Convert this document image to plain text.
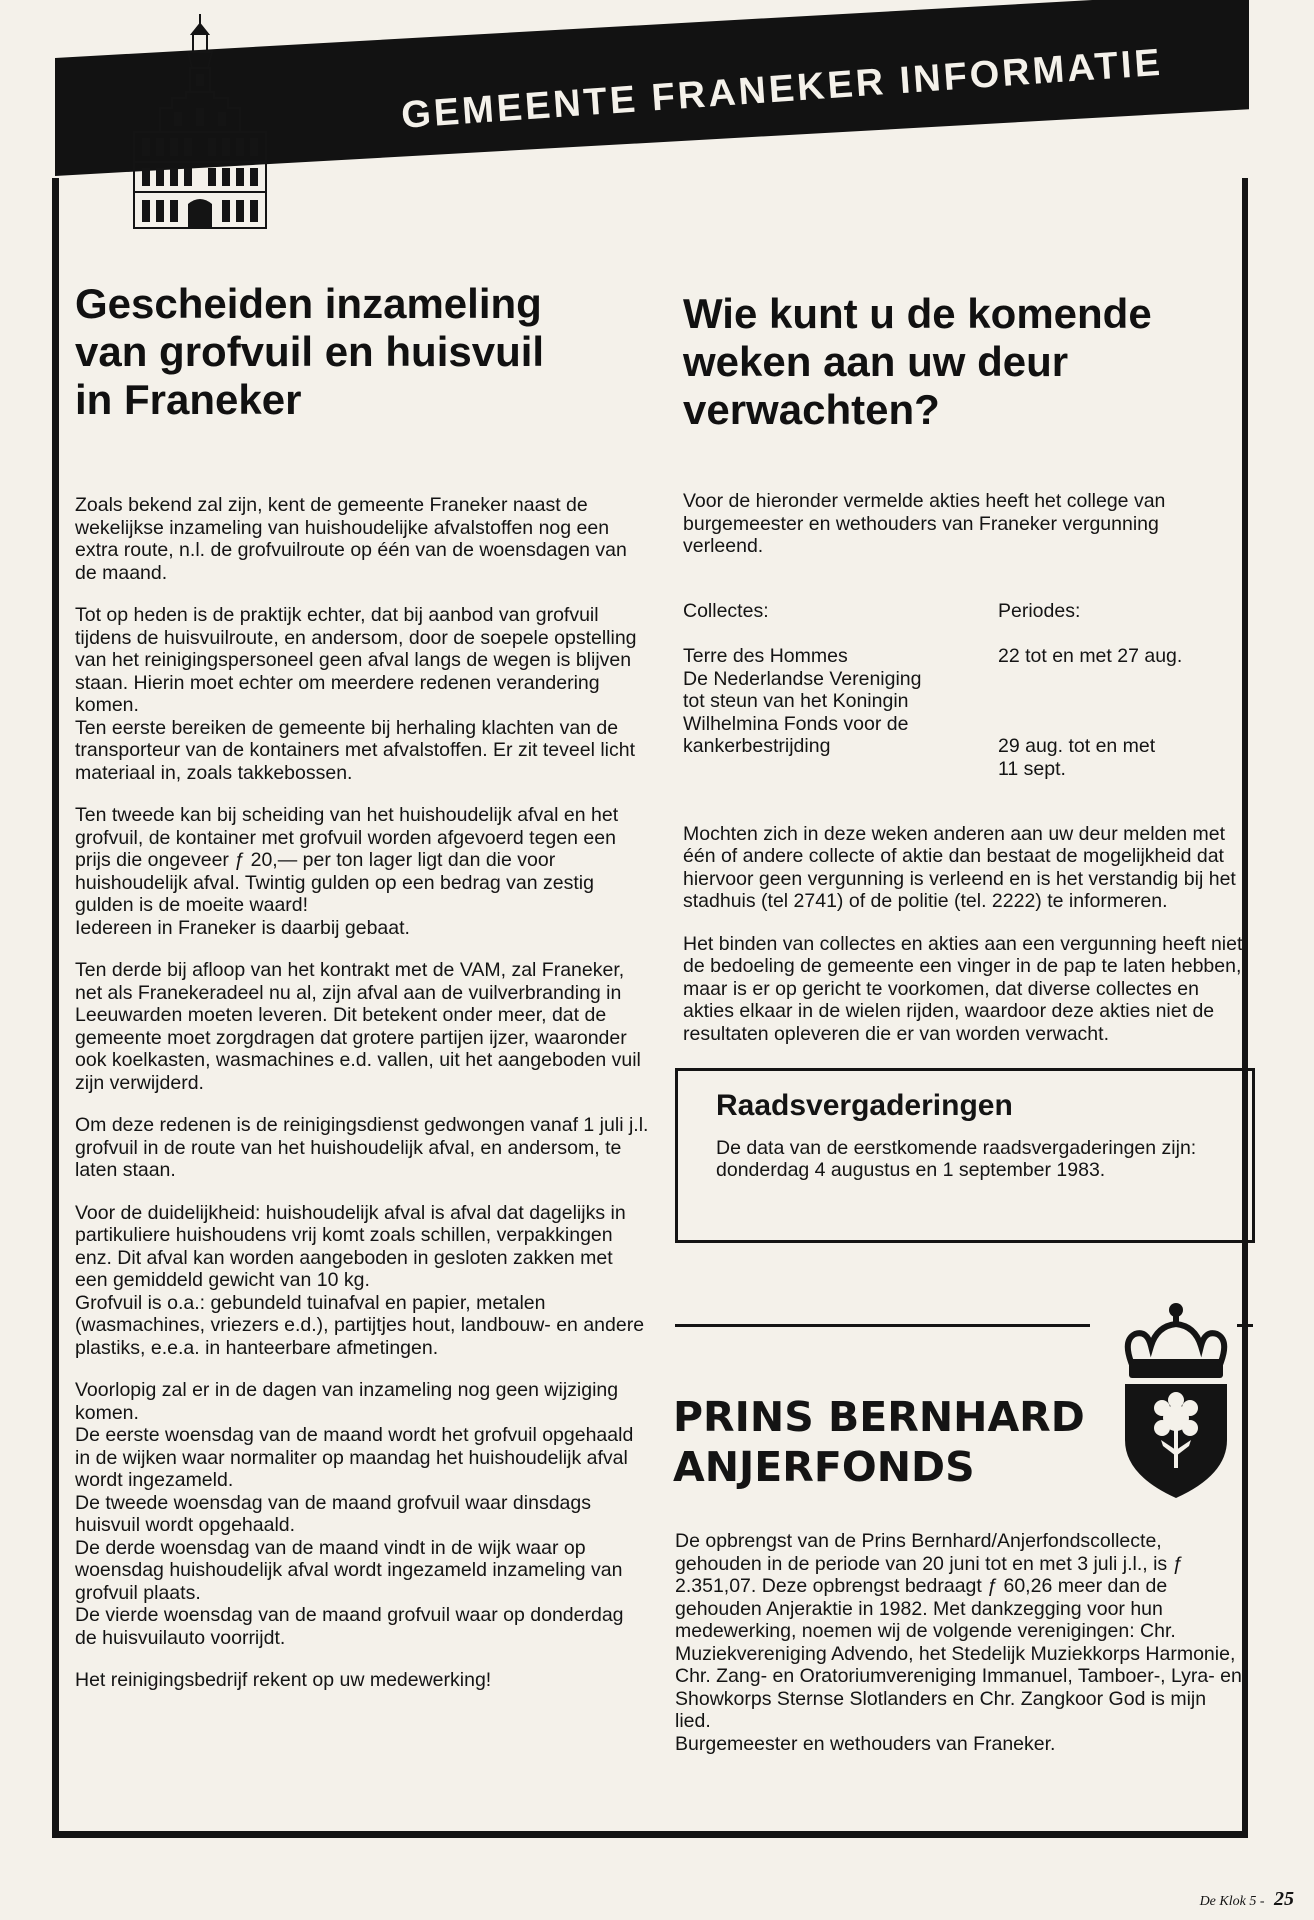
GEMEENTE FRANEKER INFORMATIE
Gescheiden inzameling
van grofvuil en huisvuil
in Franeker

Zoals bekend zal zijn, kent de gemeente Franeker naast de wekelijkse inzameling van huishoudelijke afvalstoffen nog een extra route, n.l. de grofvuilroute op één van de woensdagen van de maand.

Tot op heden is de praktijk echter, dat bij aanbod van grofvuil tijdens de huisvuilroute, en andersom, door de soepele opstelling van het reinigingspersoneel geen afval langs de wegen is blijven staan. Hierin moet echter om meerdere redenen verandering komen.
Ten eerste bereiken de gemeente bij herhaling klachten van de transporteur van de kontainers met afvalstoffen. Er zit teveel licht materiaal in, zoals takkebossen.

Ten tweede kan bij scheiding van het huishoudelijk afval en het grofvuil, de kontainer met grofvuil worden afgevoerd tegen een prijs die ongeveer ƒ 20,— per ton lager ligt dan die voor huishoudelijk afval. Twintig gulden op een bedrag van zestig gulden is de moeite waard!
Iedereen in Franeker is daarbij gebaat.

Ten derde bij afloop van het kontrakt met de VAM, zal Franeker, net als Franekeradeel nu al, zijn afval aan de vuilverbranding in Leeuwarden moeten leveren. Dit betekent onder meer, dat de gemeente moet zorgdragen dat grotere partijen ijzer, waaronder ook koelkasten, wasmachines e.d. vallen, uit het aangeboden vuil zijn verwijderd.

Om deze redenen is de reinigingsdienst gedwongen vanaf 1 juli j.l. grofvuil in de route van het huishoudelijk afval, en andersom, te laten staan.

Voor de duidelijkheid: huishoudelijk afval is afval dat dagelijks in partikuliere huishoudens vrij komt zoals schillen, verpakkingen enz. Dit afval kan worden aangeboden in gesloten zakken met een gemiddeld gewicht van 10 kg.
Grofvuil is o.a.: gebundeld tuinafval en papier, metalen (wasmachines, vriezers e.d.), partijtjes hout, landbouw- en andere plastiks, e.e.a. in hanteerbare afmetingen.

Voorlopig zal er in de dagen van inzameling nog geen wijziging komen.
De eerste woensdag van de maand wordt het grofvuil opgehaald in de wijken waar normaliter op maandag het huishoudelijk afval wordt ingezameld.
De tweede woensdag van de maand grofvuil waar dinsdags huisvuil wordt opgehaald.
De derde woensdag van de maand vindt in de wijk waar op woensdag huishoudelijk afval wordt ingezameld inzameling van grofvuil plaats.
De vierde woensdag van de maand grofvuil waar op donderdag de huisvuilauto voorrijdt.

Het reinigingsbedrijf rekent op uw medewerking!

Wie kunt u de komende
weken aan uw deur
verwachten?

Voor de hieronder vermelde akties heeft het college van burgemeester en wethouders van Franeker vergunning verleend.

Collectes:

Terre des Hommes
De Nederlandse Vereniging
tot steun van het Koningin
Wilhelmina Fonds voor de
kankerbestrijding

Periodes:

22 tot en met 27 aug.

29 aug. tot en met
11 sept.

Mochten zich in deze weken anderen aan uw deur melden met één of andere collecte of aktie dan bestaat de mogelijkheid dat hiervoor geen vergunning is verleend en is het verstandig bij het stadhuis (tel 2741) of de politie (tel. 2222) te informeren.

Het binden van collectes en akties aan een vergunning heeft niet de bedoeling de gemeente een vinger in de pap te laten hebben, maar is er op gericht te voorkomen, dat diverse collectes en akties elkaar in de wielen rijden, waardoor deze akties niet de resultaten opleveren die er van worden verwacht.

Raadsvergaderingen

De data van de eerstkomende raadsvergaderingen zijn: donderdag 4 augustus en 1 september 1983.

PRINS BERNHARD
ANJERFONDS

De opbrengst van de Prins Bernhard/Anjerfondscollecte, gehouden in de periode van 20 juni tot en met 3 juli j.l., is ƒ 2.351,07. Deze opbrengst bedraagt ƒ 60,26 meer dan de gehouden Anjeraktie in 1982. Met dankzegging voor hun medewerking, noemen wij de volgende verenigingen: Chr. Muziekvereniging Advendo, het Stedelijk Muziekkorps Harmonie, Chr. Zang- en Oratoriumvereniging Immanuel, Tamboer-, Lyra- en Showkorps Sternse Slotlanders en Chr. Zangkoor God is mijn lied.
Burgemeester en wethouders van Franeker.

De Klok 5 - 25
